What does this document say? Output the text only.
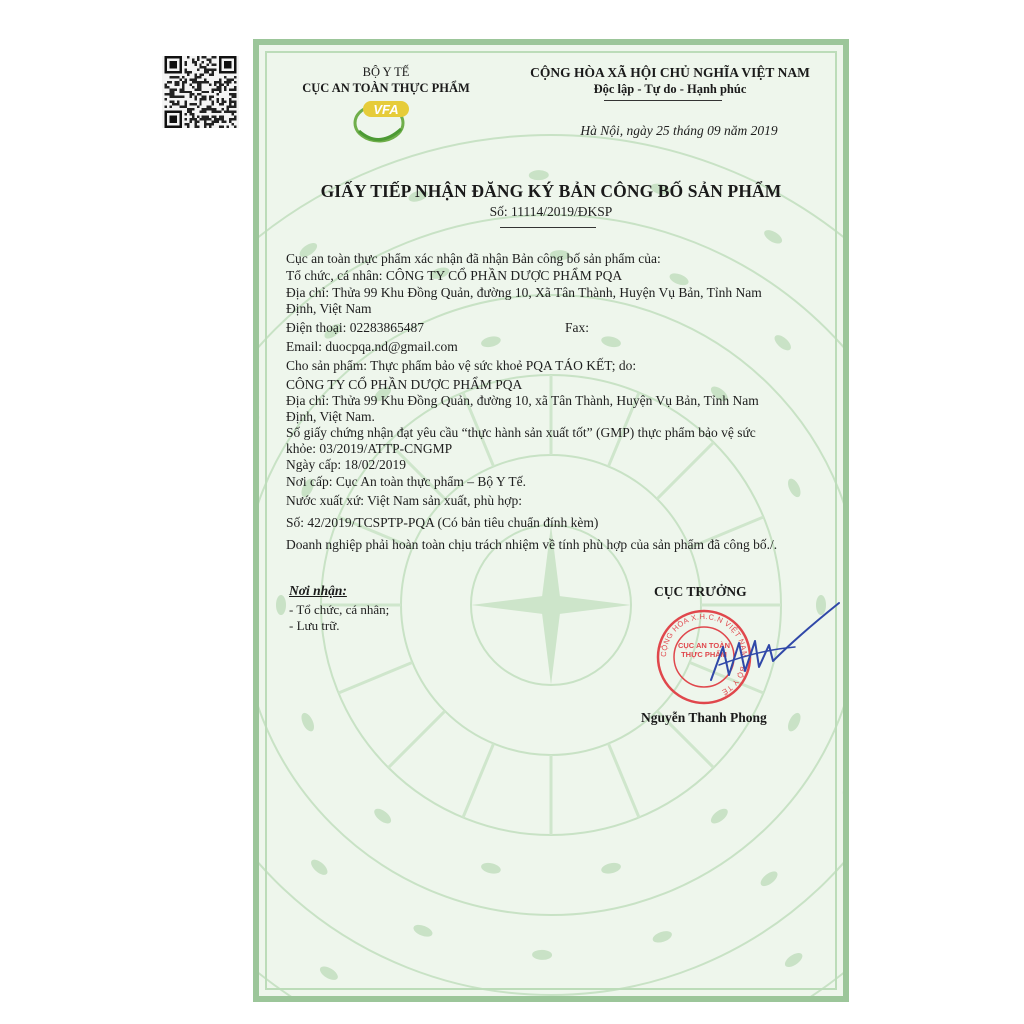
BỘ Y TẾ
CỤC AN TOÀN THỰC PHẨM
VFA
CỘNG HÒA XÃ HỘI CHỦ NGHĨA VIỆT NAM
Độc lập - Tự do - Hạnh phúc
Hà Nội, ngày 25 tháng 09 năm 2019
GIẤY TIẾP NHẬN ĐĂNG KÝ BẢN CÔNG BỐ SẢN PHẨM
Số: 11114/2019/ĐKSP
Cục an toàn thực phẩm xác nhận đã nhận Bản công bố sản phẩm của:
Tổ chức, cá nhân: CÔNG TY CỔ PHẦN DƯỢC PHẨM PQA
Địa chỉ: Thửa 99 Khu Đồng Quản, đường 10, Xã Tân Thành, Huyện Vụ Bản, Tỉnh Nam
Định, Việt Nam
Điện thoại: 02283865487	Fax:
Email: duocpqa.nd@gmail.com
Cho sản phẩm: Thực phẩm bảo vệ sức khoẻ PQA TÁO KẾT; do:
CÔNG TY CỔ PHẦN DƯỢC PHẨM PQA
Địa chỉ: Thửa 99 Khu Đồng Quản, đường 10, xã Tân Thành, Huyện Vụ Bản, Tỉnh Nam
Định, Việt Nam.
Số giấy chứng nhận đạt yêu cầu “thực hành sản xuất tốt” (GMP) thực phẩm bảo vệ sức
khỏe: 03/2019/ATTP-CNGMP
Ngày cấp: 18/02/2019
Nơi cấp: Cục An toàn thực phẩm – Bộ Y Tế.
Nước xuất xứ: Việt Nam sản xuất, phù hợp:
Số: 42/2019/TCSPTP-PQA (Có bản tiêu chuẩn đính kèm)
Doanh nghiệp phải hoàn toàn chịu trách nhiệm về tính phù hợp của sản phẩm đã công bố./.
Nơi nhận:
- Tổ chức, cá nhân;
- Lưu trữ.
CỤC TRƯỞNG
CỘNG HÒA X.H.C.N VIỆT NAM · BỘ Y TẾ
CỤC AN TOÀN THỰC PHẨM
Nguyễn Thanh Phong
